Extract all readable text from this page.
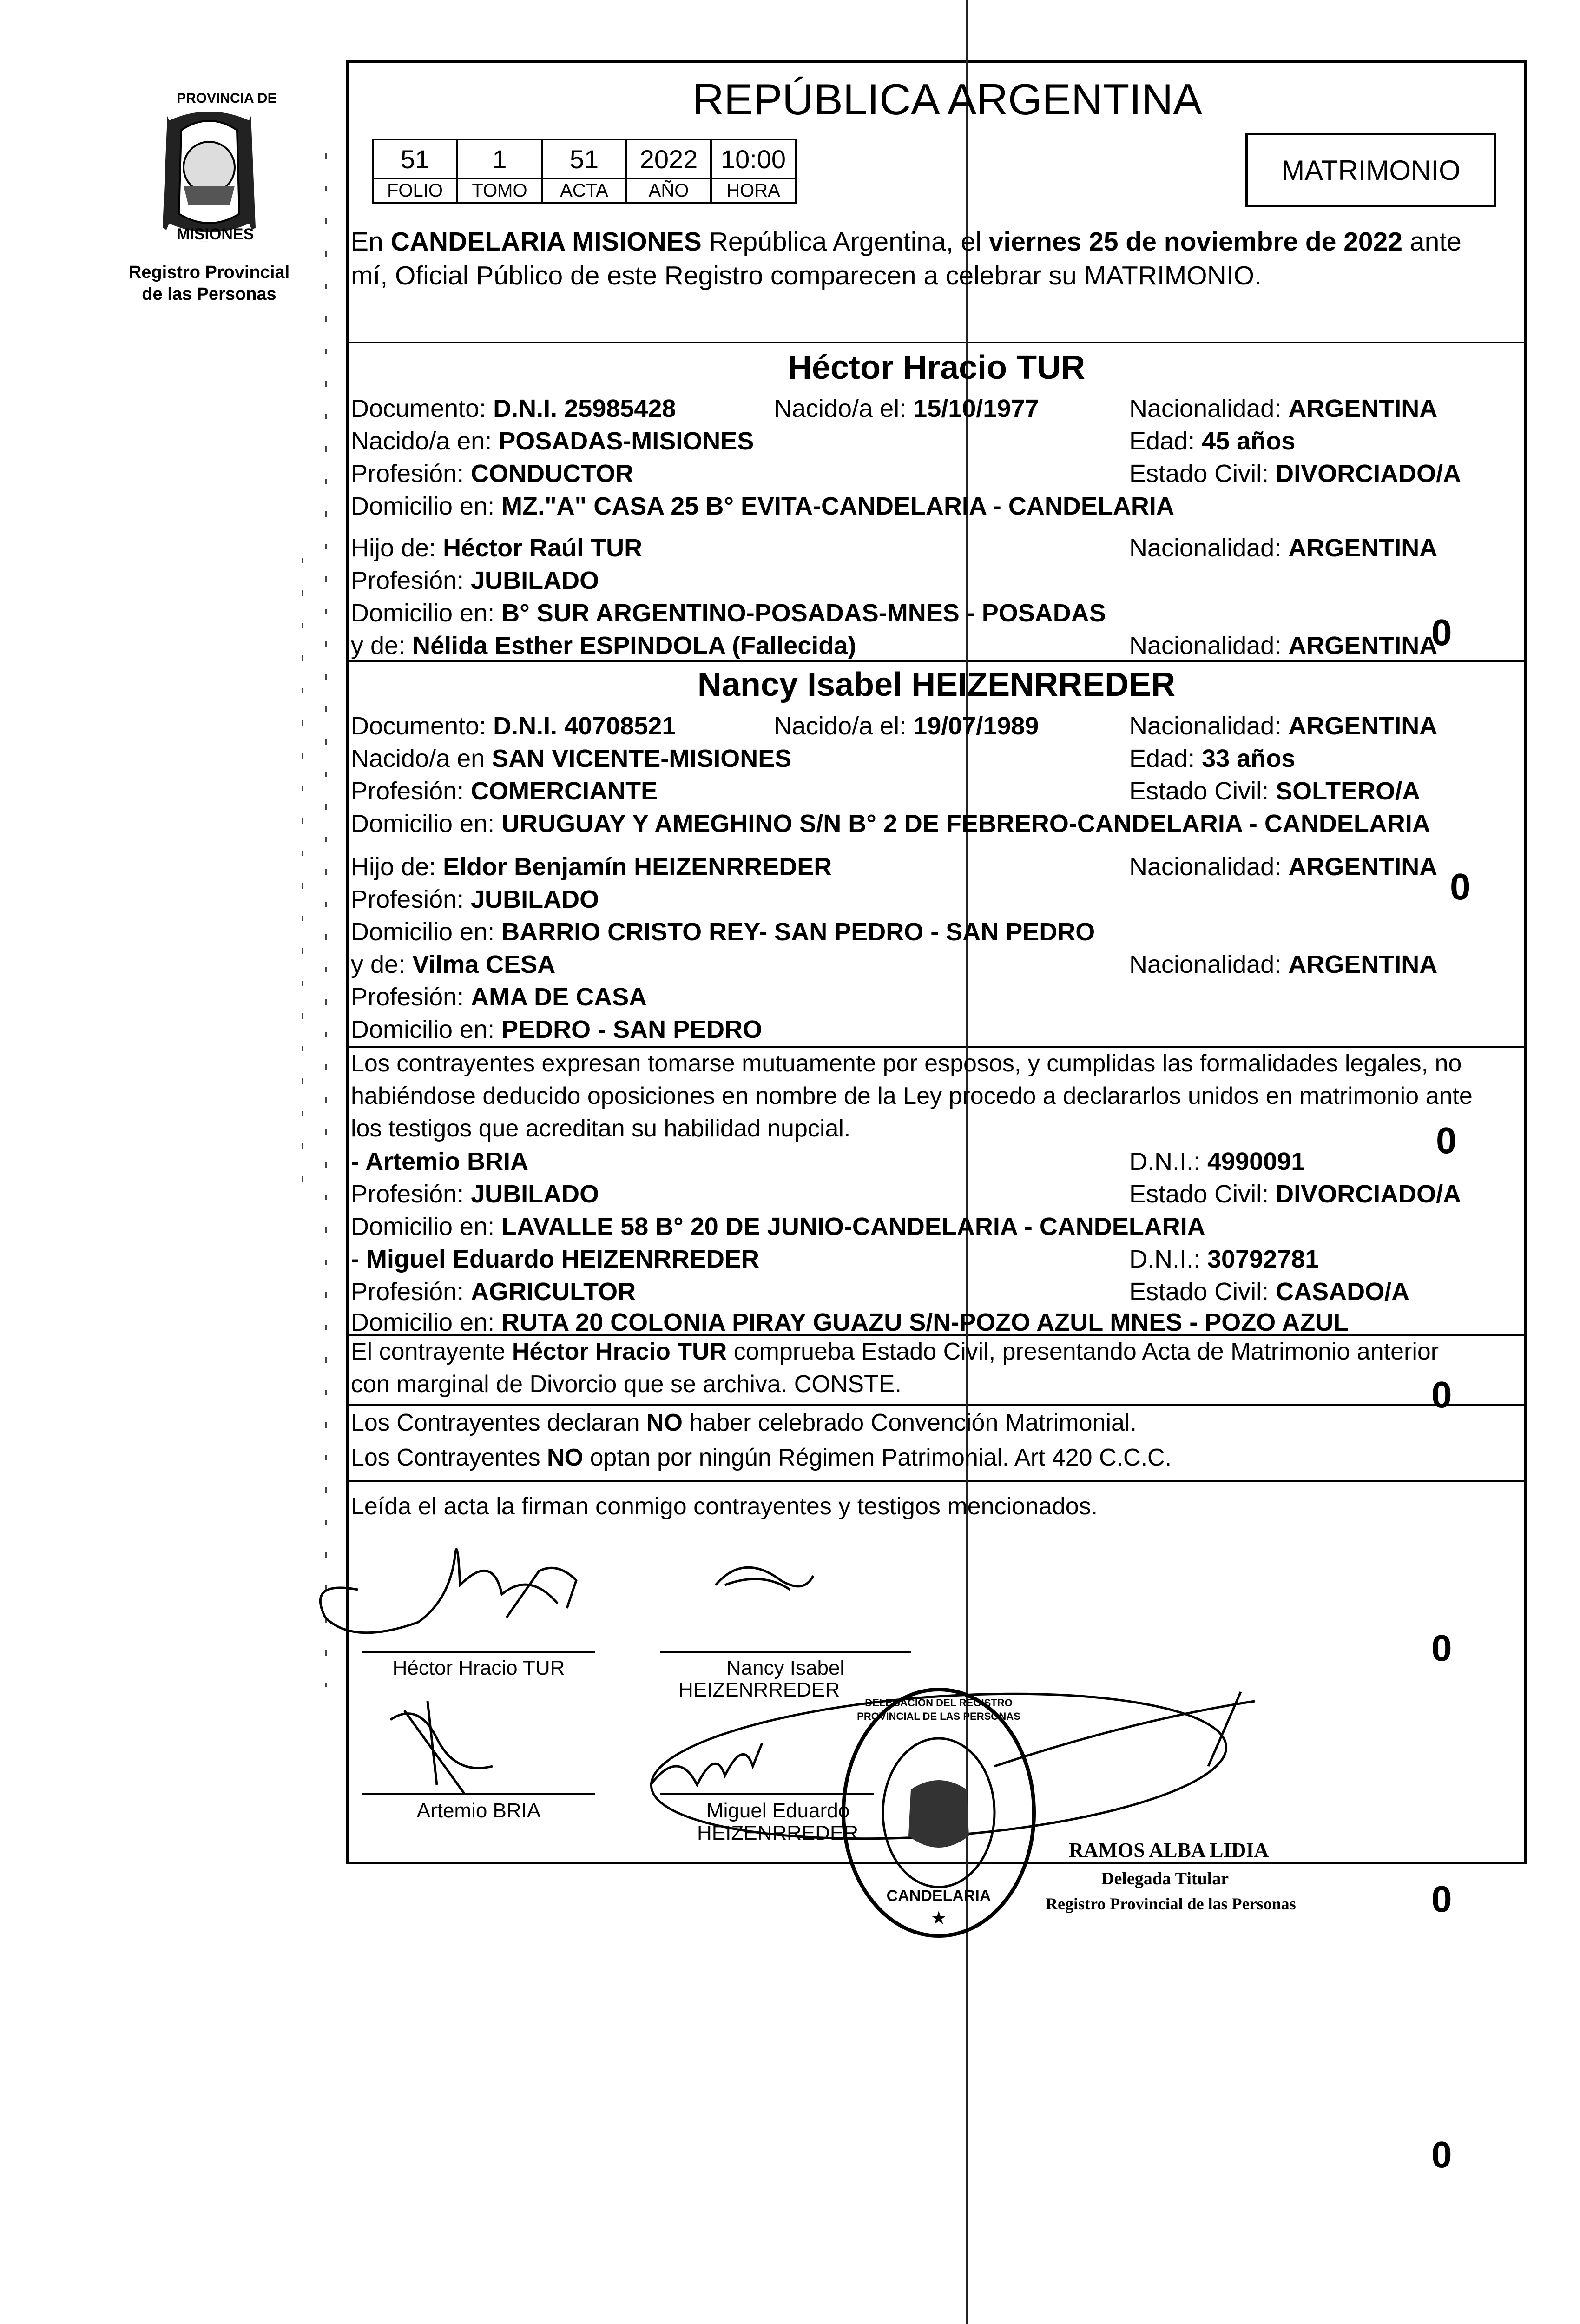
PROVINCIA DE
MISIONES
Registro Provincial
de las Personas
REPÚBLICA ARGENTINA
51	1	51	2022	10:00
FOLIO	TOMO	ACTA	AÑO	HORA
MATRIMONIO
En CANDELARIA MISIONES República Argentina, el viernes 25 de noviembre de 2022 ante
mí, Oficial Público de este Registro comparecen a celebrar su MATRIMONIO.
Héctor Hracio TUR
Documento: D.N.I. 25985428	Nacido/a el: 15/10/1977	Nacionalidad: ARGENTINA
Nacido/a en: POSADAS-MISIONES	Edad: 45 años
Profesión: CONDUCTOR	Estado Civil: DIVORCIADO/A
Domicilio en: MZ."A" CASA 25 B° EVITA-CANDELARIA - CANDELARIA
Hijo de: Héctor Raúl TUR	Nacionalidad: ARGENTINA
Profesión: JUBILADO
Domicilio en: B° SUR ARGENTINO-POSADAS-MNES - POSADAS
y de: Nélida Esther ESPINDOLA (Fallecida)	Nacionalidad: ARGENTINA
Nancy Isabel HEIZENRREDER
Documento: D.N.I. 40708521	Nacido/a el: 19/07/1989	Nacionalidad: ARGENTINA
Nacido/a en SAN VICENTE-MISIONES	Edad: 33 años
Profesión: COMERCIANTE	Estado Civil: SOLTERO/A
Domicilio en: URUGUAY Y AMEGHINO S/N B° 2 DE FEBRERO-CANDELARIA - CANDELARIA
Hijo de: Eldor Benjamín HEIZENRREDER	Nacionalidad: ARGENTINA
Profesión: JUBILADO
Domicilio en: BARRIO CRISTO REY- SAN PEDRO - SAN PEDRO
y de: Vilma CESA	Nacionalidad: ARGENTINA
Profesión: AMA DE CASA
Domicilio en: PEDRO - SAN PEDRO
Los contrayentes expresan tomarse mutuamente por esposos, y cumplidas las formalidades legales, no
habiéndose deducido oposiciones en nombre de la Ley procedo a declararlos unidos en matrimonio ante
los testigos que acreditan su habilidad nupcial.
- Artemio BRIA	D.N.I.: 4990091
Profesión: JUBILADO	Estado Civil: DIVORCIADO/A
Domicilio en: LAVALLE 58 B° 20 DE JUNIO-CANDELARIA - CANDELARIA
- Miguel Eduardo HEIZENRREDER	D.N.I.: 30792781
Profesión: AGRICULTOR	Estado Civil: CASADO/A
Domicilio en: RUTA 20 COLONIA PIRAY GUAZU S/N-POZO AZUL MNES - POZO AZUL
El contrayente Héctor Hracio TUR comprueba Estado Civil, presentando Acta de Matrimonio anterior
con marginal de Divorcio que se archiva. CONSTE.
Los Contrayentes declaran NO haber celebrado Convención Matrimonial.
Los Contrayentes NO optan por ningún Régimen Patrimonial. Art 420 C.C.C.
Leída el acta la firman conmigo contrayentes y testigos mencionados.
Héctor Hracio TUR	Nancy Isabel
HEIZENRREDER
Artemio BRIA	Miguel Eduardo
HEIZENRREDER
★
DELEGACIÓN DEL REGISTRO PROVINCIAL DE LAS PERSONAS
CANDELARIA
RAMOS ALBA LIDIA
Delegada Titular
Registro Provincial de las Personas
0
0
0
0
0
0
0
